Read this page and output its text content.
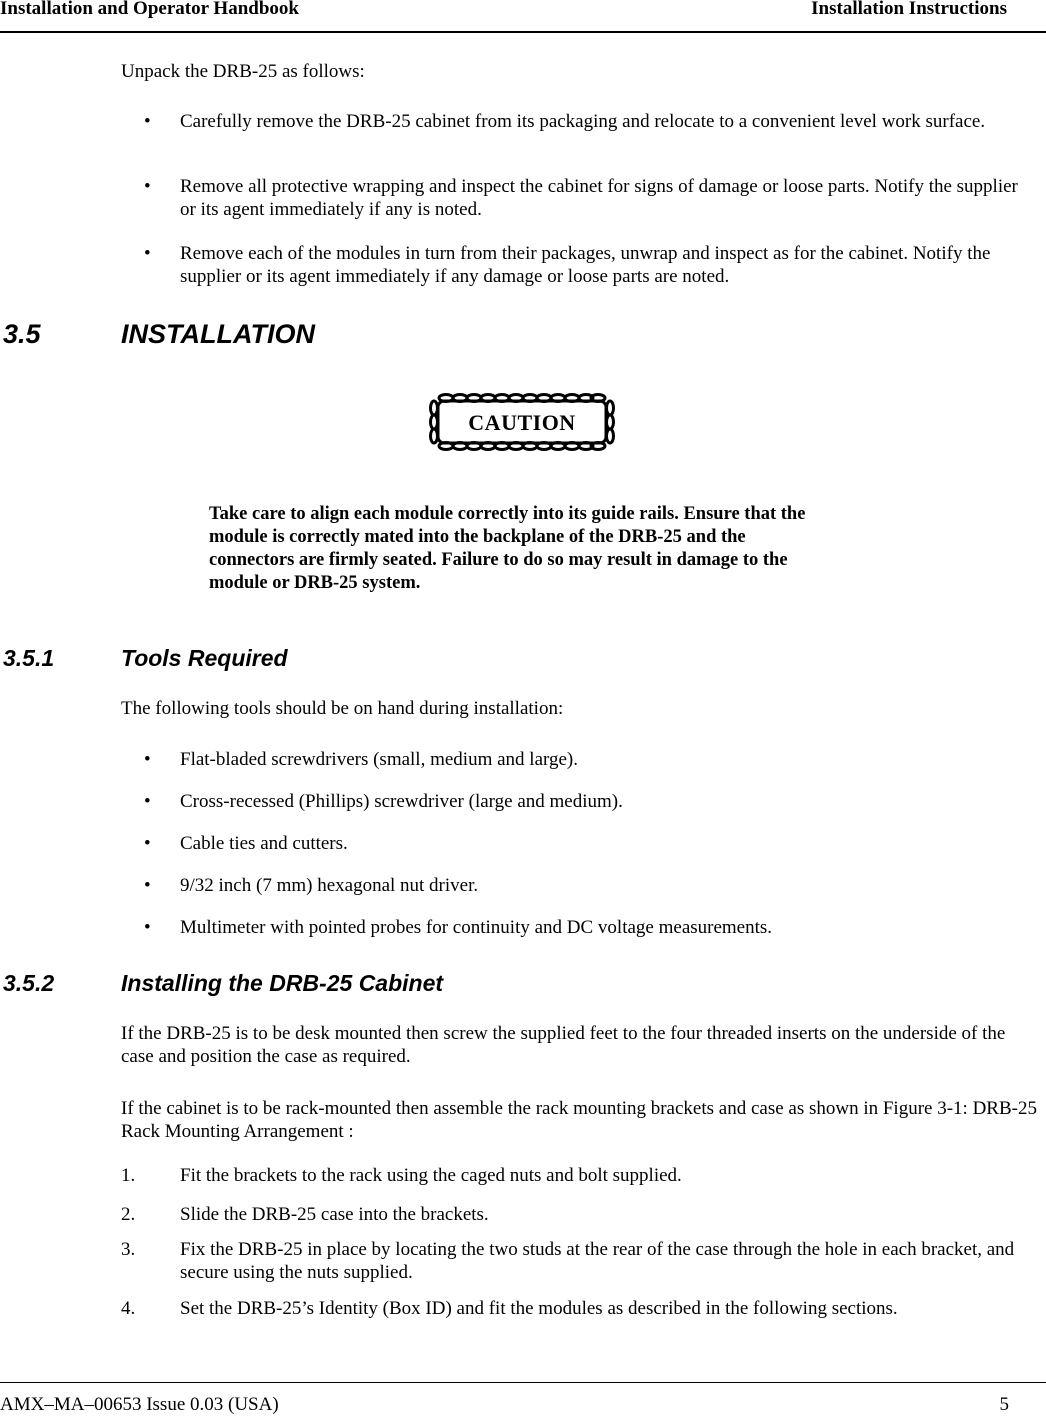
Installation and Operator Handbook	Installation Instructions
Unpack the DRB-25 as follows:
• Carefully remove the DRB-25 cabinet from its packaging and relocate to a convenient level work surface.
• Remove all protective wrapping and inspect the cabinet for signs of damage or loose parts. Notify the supplier or its agent immediately if any is noted.
• Remove each of the modules in turn from their packages, unwrap and inspect as for the cabinet. Notify the supplier or its agent immediately if any damage or loose parts are noted.
3.5	INSTALLATION
CAUTION
Take care to align each module correctly into its guide rails. Ensure that the module is correctly mated into the backplane of the DRB-25 and the connectors are firmly seated. Failure to do so may result in damage to the module or DRB-25 system.
3.5.1	Tools Required
The following tools should be on hand during installation:
• Flat-bladed screwdrivers (small, medium and large).
• Cross-recessed (Phillips) screwdriver (large and medium).
• Cable ties and cutters.
• 9/32 inch (7 mm) hexagonal nut driver.
• Multimeter with pointed probes for continuity and DC voltage measurements.
3.5.2	Installing the DRB-25 Cabinet
If the DRB-25 is to be desk mounted then screw the supplied feet to the four threaded inserts on the underside of the case and position the case as required.
If the cabinet is to be rack-mounted then assemble the rack mounting brackets and case as shown in Figure 3-1: DRB-25 Rack Mounting Arrangement :
1. Fit the brackets to the rack using the caged nuts and bolt supplied.
2. Slide the DRB-25 case into the brackets.
3. Fix the DRB-25 in place by locating the two studs at the rear of the case through the hole in each bracket, and secure using the nuts supplied.
4. Set the DRB-25’s Identity (Box ID) and fit the modules as described in the following sections.
AMX–MA–00653 Issue 0.03 (USA)	5
